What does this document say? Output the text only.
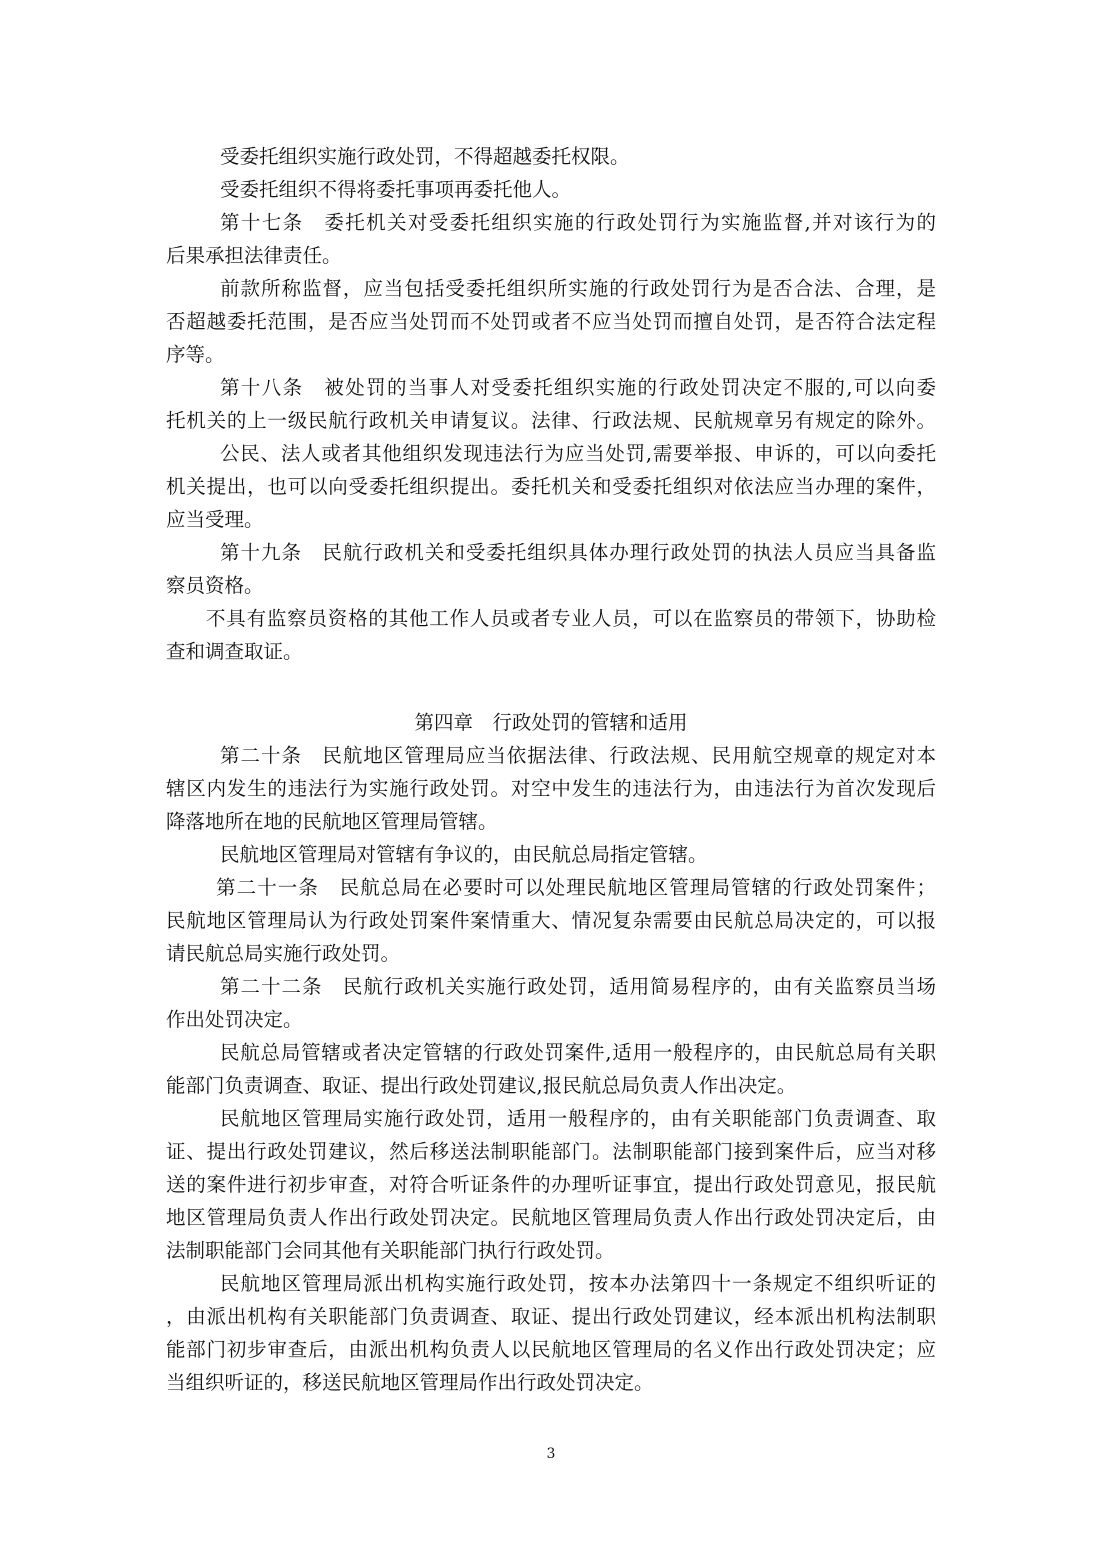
受委托组织实施行政处罚，不得超越委托权限。
受委托组织不得将委托事项再委托他人。
第十七条　委托机关对受委托组织实施的行政处罚行为实施监督,并对该行为的
后果承担法律责任。
前款所称监督，应当包括受委托组织所实施的行政处罚行为是否合法、合理，是
否超越委托范围，是否应当处罚而不处罚或者不应当处罚而擅自处罚，是否符合法定程
序等。
第十八条　被处罚的当事人对受委托组织实施的行政处罚决定不服的,可以向委
托机关的上一级民航行政机关申请复议。法律、行政法规、民航规章另有规定的除外。
公民、法人或者其他组织发现违法行为应当处罚,需要举报、申诉的，可以向委托
机关提出，也可以向受委托组织提出。委托机关和受委托组织对依法应当办理的案件，
应当受理。
第十九条　民航行政机关和受委托组织具体办理行政处罚的执法人员应当具备监
察员资格。
不具有监察员资格的其他工作人员或者专业人员，可以在监察员的带领下，协助检
查和调查取证。
第四章　行政处罚的管辖和适用
第二十条　民航地区管理局应当依据法律、行政法规、民用航空规章的规定对本
辖区内发生的违法行为实施行政处罚。对空中发生的违法行为，由违法行为首次发现后
降落地所在地的民航地区管理局管辖。
民航地区管理局对管辖有争议的，由民航总局指定管辖。
第二十一条　民航总局在必要时可以处理民航地区管理局管辖的行政处罚案件；
民航地区管理局认为行政处罚案件案情重大、情况复杂需要由民航总局决定的，可以报
请民航总局实施行政处罚。
第二十二条　民航行政机关实施行政处罚，适用简易程序的，由有关监察员当场
作出处罚决定。
民航总局管辖或者决定管辖的行政处罚案件,适用一般程序的，由民航总局有关职
能部门负责调查、取证、提出行政处罚建议,报民航总局负责人作出决定。
民航地区管理局实施行政处罚，适用一般程序的，由有关职能部门负责调查、取
证、提出行政处罚建议，然后移送法制职能部门。法制职能部门接到案件后，应当对移
送的案件进行初步审查，对符合听证条件的办理听证事宜，提出行政处罚意见，报民航
地区管理局负责人作出行政处罚决定。民航地区管理局负责人作出行政处罚决定后，由
法制职能部门会同其他有关职能部门执行行政处罚。
民航地区管理局派出机构实施行政处罚，按本办法第四十一条规定不组织听证的
，由派出机构有关职能部门负责调查、取证、提出行政处罚建议，经本派出机构法制职
能部门初步审查后，由派出机构负责人以民航地区管理局的名义作出行政处罚决定；应
当组织听证的，移送民航地区管理局作出行政处罚决定。
3
